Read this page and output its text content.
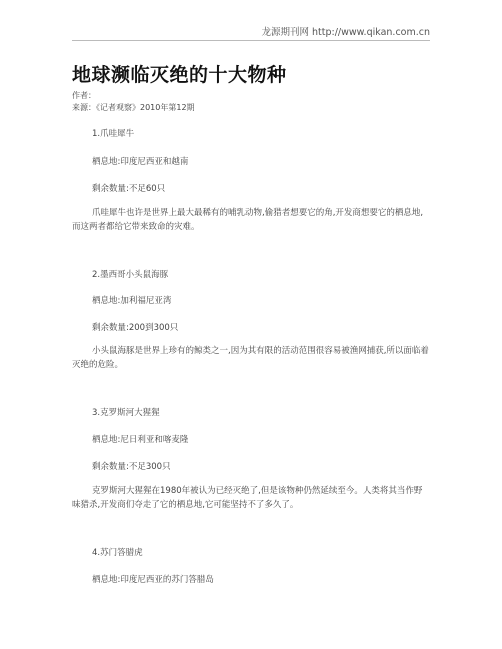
龙源期刊网 http://www.qikan.com.cn
地球濒临灭绝的十大物种
作者：
来源：《记者观察》2010年第12期
1.爪哇犀牛
栖息地:印度尼西亚和越南
剩余数量:不足60只
爪哇犀牛也许是世界上最大最稀有的哺乳动物,偷猎者想要它的角,开发商想要它的栖息地,而这两者都给它带来致命的灾难。
2.墨西哥小头鼠海豚
栖息地:加利福尼亚湾
剩余数量:200到300只
小头鼠海豚是世界上珍有的鲸类之一,因为其有限的活动范围很容易被渔网捕获,所以面临着灭绝的危险。
3.克罗斯河大猩猩
栖息地:尼日利亚和喀麦隆
剩余数量:不足300只
克罗斯河大猩猩在1980年被认为已经灭绝了,但是该物种仍然延续至今。人类将其当作野味猎杀,开发商们夺走了它的栖息地,它可能坚持不了多久了。
4.苏门答腊虎
栖息地:印度尼西亚的苏门答腊岛
